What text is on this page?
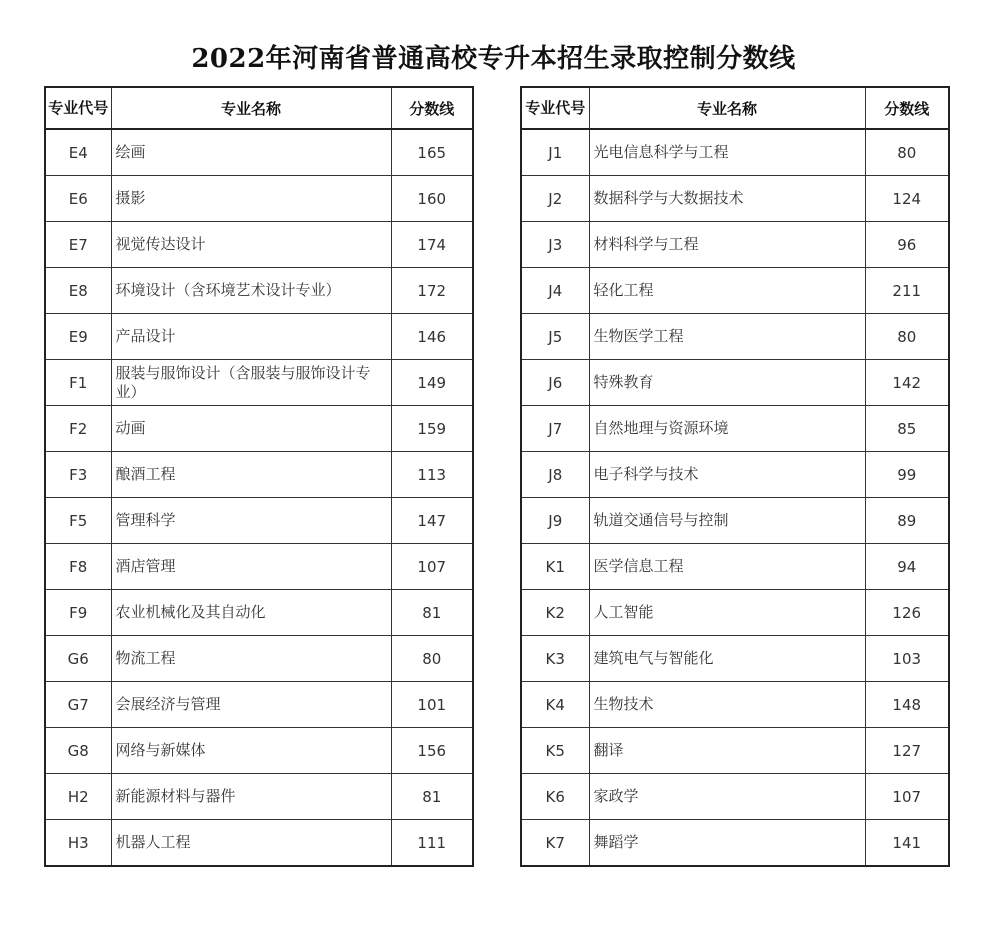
2022年河南省普通高校专升本招生录取控制分数线
专业代号	专业名称	分数线
E4	绘画	165
E6	摄影	160
E7	视觉传达设计	174
E8	环境设计（含环境艺术设计专业）	172
E9	产品设计	146
F1	服装与服饰设计（含服装与服饰设计专业）	149
F2	动画	159
F3	酿酒工程	113
F5	管理科学	147
F8	酒店管理	107
F9	农业机械化及其自动化	81
G6	物流工程	80
G7	会展经济与管理	101
G8	网络与新媒体	156
H2	新能源材料与器件	81
H3	机器人工程	111
专业代号	专业名称	分数线
J1	光电信息科学与工程	80
J2	数据科学与大数据技术	124
J3	材料科学与工程	96
J4	轻化工程	211
J5	生物医学工程	80
J6	特殊教育	142
J7	自然地理与资源环境	85
J8	电子科学与技术	99
J9	轨道交通信号与控制	89
K1	医学信息工程	94
K2	人工智能	126
K3	建筑电气与智能化	103
K4	生物技术	148
K5	翻译	127
K6	家政学	107
K7	舞蹈学	141
